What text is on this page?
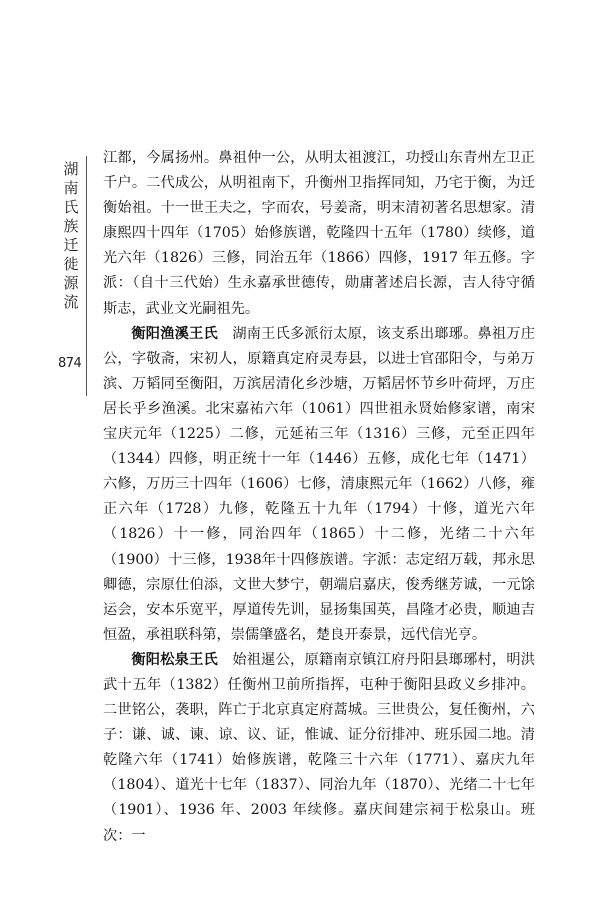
湖
南
氏
族
迁
徙
源
流
874

江都，今属扬州。鼻祖仲一公，从明太祖渡江，功授山东青州左卫正千户。二代成公，从明祖南下，升衡州卫指挥同知，乃宅于衡，为迁衡始祖。十一世王夫之，字而农，号姜斋，明末清初著名思想家。清康熙四十四年（1705）始修族谱，乾隆四十五年（1780）续修，道光六年（1826）三修，同治五年（1866）四修，1917 年五修。字派：（自十三代始）生永嘉承世德传，勋庸著述启长源，吉人待守循斯志，武业文光嗣祖先。

衡阳渔溪王氏　 湖南王氏多派衍太原，该支系出瑯琊。鼻祖万庄公，字敬斋，宋初人，原籍真定府灵寿县，以进士官邵阳令，与弟万滨、万韬同至衡阳，万滨居清化乡沙塘，万韬居怀节乡叶荷坪，万庄居长乎乡渔溪。北宋嘉祐六年（1061）四世祖永贤始修家谱，南宋宝庆元年（1225）二修，元延祐三年（1316）三修，元至正四年（1344）四修，明正统十一年（1446）五修，成化七年（1471）六修，万历三十四年（1606）七修，清康熙元年（1662）八修，雍正六年（1728）九修，乾隆五十九年（1794）十修，道光六年（1826）十一修，同治四年（1865）十二修，光绪二十六年（1900）十三修，1938年十四修族谱。字派：志定绍万载，邦永思卿德，宗原仕伯添，文世大梦宁，朝端启嘉庆，俊秀继芳诚，一元馀运会，安本乐宽平，厚道传先训，显扬集国英，昌隆才必贵，顺迪吉恒盈，承祖联科第，崇儒肇盛名，楚良开泰景，远代信光亨。

衡阳松泉王氏　 始祖暹公，原籍南京镇江府丹阳县瑯琊村，明洪武十五年（1382）任衡州卫前所指挥，屯种于衡阳县政义乡排冲。二世铭公，袭职，阵亡于北京真定府蒿城。三世贵公，复任衡州，六子：谦、诚、谏、谅、议、证，惟诚、证分衍排冲、班乐园二地。清乾隆六年（1741）始修族谱，乾隆三十六年（1771）、嘉庆九年（1804）、道光十七年（1837）、同治九年（1870）、光绪二十七年（1901）、1936 年、2003 年续修。嘉庆间建宗祠于松泉山。班次：一
